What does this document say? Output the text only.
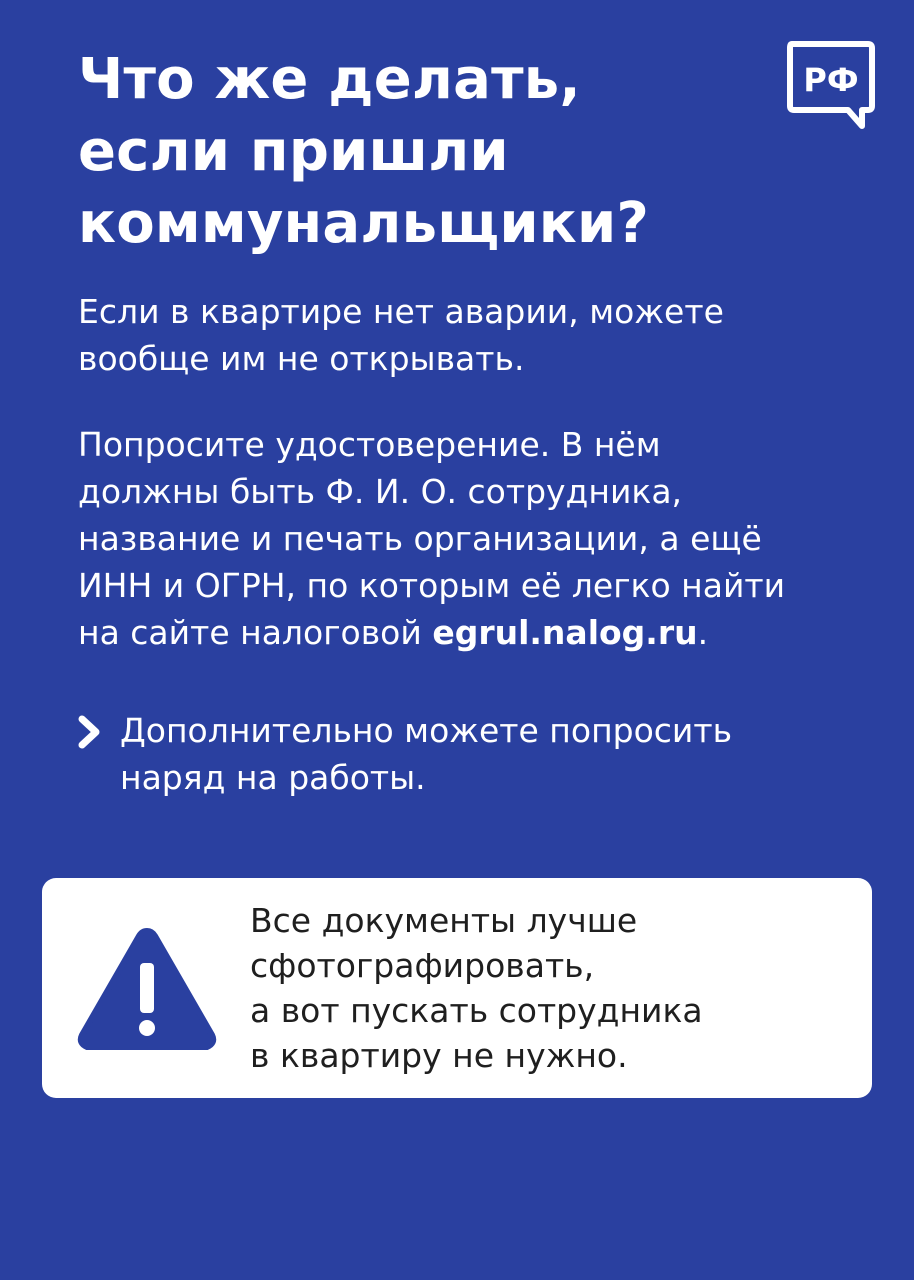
Что же делать,
если пришли
коммунальщики?
РФ

Если в квартире нет аварии, можете
вообще им не открывать.

Попросите удостоверение. В нём
должны быть Ф. И. О. сотрудника,
название и печать организации, а ещё
ИНН и ОГРН, по которым её легко найти
на сайте налоговой egrul.nalog.ru.

Дополнительно можете попросить
наряд на работы.

Все документы лучше
сфотографировать,
а вот пускать сотрудника
в квартиру не нужно.
